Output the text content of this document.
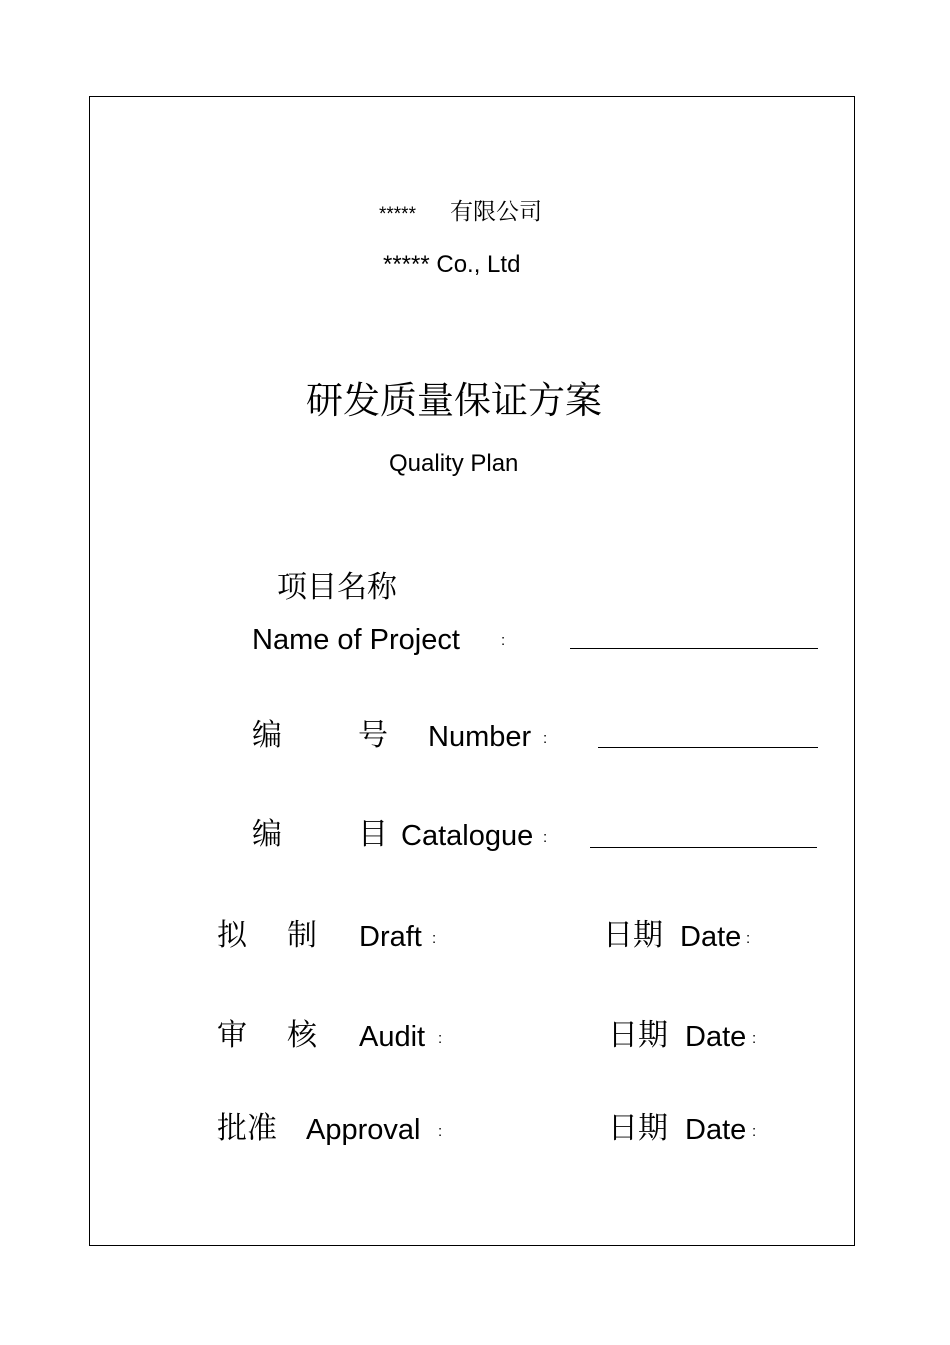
***** 有限公司
***** Co., Ltd
研发质量保证方案
Quality Plan
项目名称
Name of Project	:
编	号 Number :
编	目 Catalogue :
拟 制 Draft :	日期 Date :
审 核 Audit :	日期 Date :
批准 Approval :	日期 Date :
